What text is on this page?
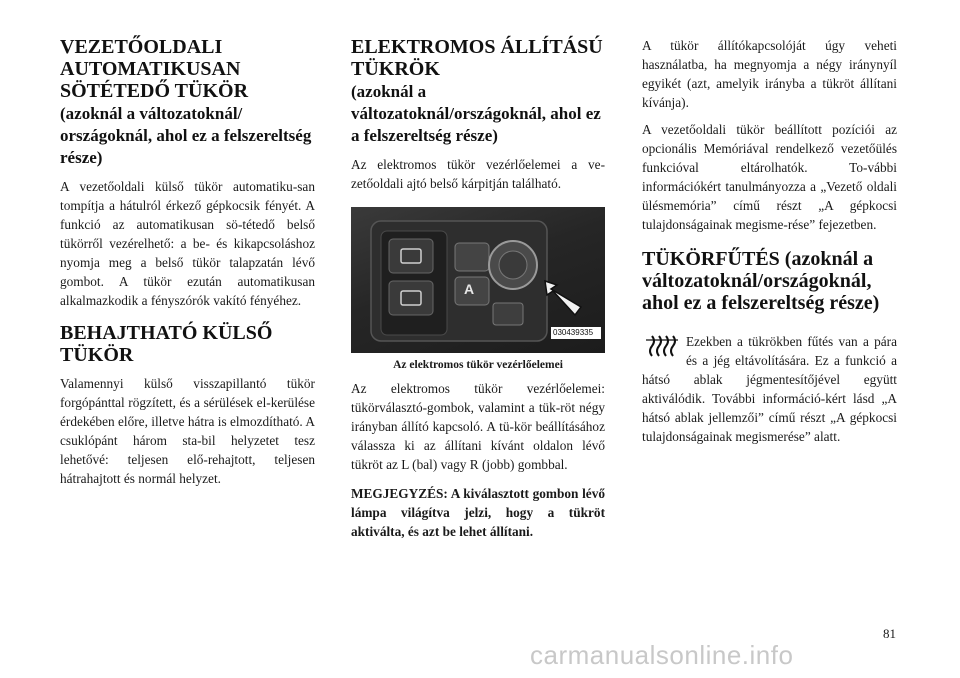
VEZETŐOLDALI AUTOMATIKUSAN SÖTÉTEDŐ TÜKÖR
(azoknál a változatoknál/ országoknál, ahol ez a felszereltség része)

A vezetőoldali külső tükör automatiku-san tompítja a hátulról érkező gépkocsik fényét. A funkció az automatikusan sö-tétedő belső tükörről vezérelhető: a be- és kikapcsoláshoz nyomja meg a belső tükör talapzatán lévő gombot. A tükör ezután automatikusan alkalmazkodik a fényszórók vakító fényéhez.

BEHAJTHATÓ KÜLSŐ TÜKÖR

Valamennyi külső visszapillantó tükör forgópánttal rögzített, és a sérülések el-kerülése érdekében előre, illetve hátra is elmozdítható. A csuklópánt három sta-bil helyzetet tesz lehetővé: teljesen elő-rehajtott, teljesen hátrahajtott és normál helyzet.

ELEKTROMOS ÁLLÍTÁSÚ TÜKRÖK
(azoknál a változatoknál/országoknál, ahol ez a felszereltség része)

Az elektromos tükör vezérlőelemei a ve-zetőoldali ajtó belső kárpitján található.

A
030439335
Az elektromos tükör vezérlőelemei

Az elektromos tükör vezérlőelemei: tükörválasztó-gombok, valamint a tük-röt négy irányban állító kapcsoló. A tü-kör beállításához válassza ki az állítani kívánt oldalon lévő tükröt az L (bal) vagy R (jobb) gombbal.

MEGJEGYZÉS: A kiválasztott gombon lévő lámpa világítva jelzi, hogy a tükröt aktiválta, és azt be lehet állítani.

A tükör állítókapcsolóját úgy veheti használatba, ha megnyomja a négy iránynyíl egyikét (azt, amelyik irányba a tükröt állítani kívánja).

A vezetőoldali tükör beállított pozíciói az opcionális Memóriával rendelkező vezetőülés funkcióval eltárolhatók. To-vábbi információkért tanulmányozza a „Vezető oldali ülésmemória” című részt „A gépkocsi tulajdonságainak megisme-rése” fejezetben.

TÜKÖRFŰTÉS (azoknál a változatoknál/országoknál, ahol ez a felszereltség része)

Ezekben a tükrökben fűtés van a pára és a jég eltávolítására. Ez a funkció a hátsó ablak jégmentesítőjével együtt aktiválódik. További információ-kért lásd „A hátsó ablak jellemzői” című részt „A gépkocsi tulajdonságainak megismerése” alatt.

81
carmanualsonline.info
